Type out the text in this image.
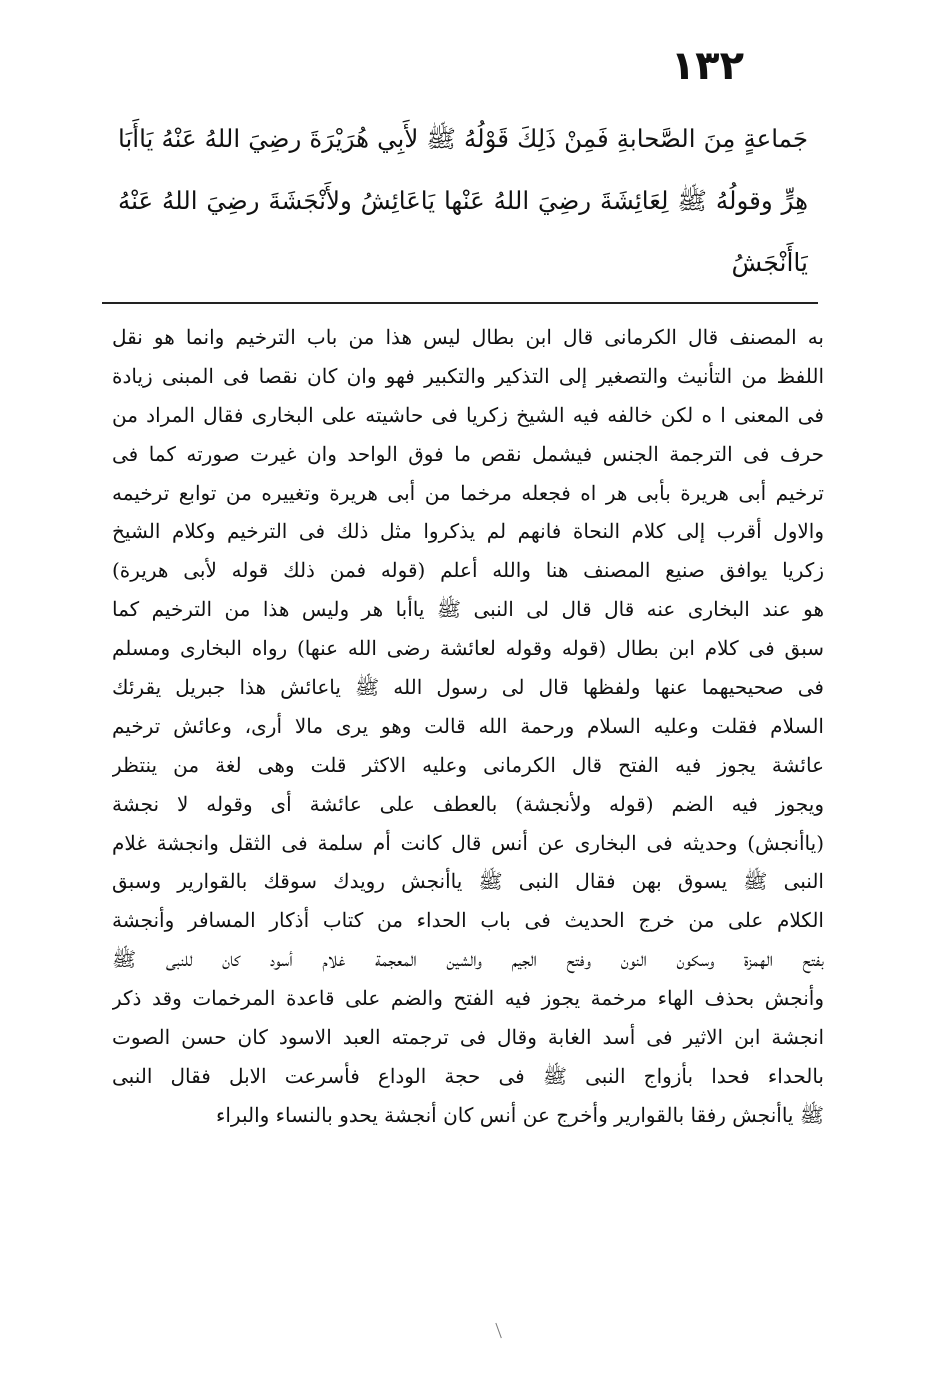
١٣٢
جَماعةٍ مِنَ الصَّحابةِ فَمِنْ ذَلِكَ قَوْلُهُ ﷺ لأَبِي هُرَيْرَةَ رضِيَ اللهُ عَنْهُ يَاأَبَا
هِرٍّ وقولُهُ ﷺ لِعَائِشَةَ رضِيَ اللهُ عَنْها يَاعَائِشُ ولأَنْجَشَةَ رضِيَ اللهُ عَنْهُ
يَاأَنْجَشُ
به المصنف قال الكرمانى قال ابن بطال ليس هذا من باب الترخيم وانما هو نقل
اللفظ من التأنيث والتصغير إلى التذكير والتكبير فهو وان كان نقصا فى المبنى زيادة
فى المعنى ا ه لكن خالفه فيه الشيخ زكريا فى حاشيته على البخارى فقال المراد من
حرف فى الترجمة الجنس فيشمل نقص ما فوق الواحد وان غيرت صورته كما فى
ترخيم أبى هريرة بأبى هر اه فجعله مرخما من أبى هريرة وتغييره من توابع ترخيمه
والاول أقرب إلى كلام النحاة فانهم لم يذكروا مثل ذلك فى الترخيم وكلام الشيخ
زكريا يوافق صنيع المصنف هنا والله أعلم (قوله فمن ذلك قوله لأبى هريرة)
هو عند البخارى عنه قال قال لى النبى ﷺ ياأبا هر وليس هذا من الترخيم كما
سبق فى كلام ابن بطال (قوله وقوله لعائشة رضى الله عنها) رواه البخارى ومسلم
فى صحيحيهما عنها ولفظها قال لى رسول الله ﷺ ياعائش هذا جبريل يقرئك
السلام فقلت وعليه السلام ورحمة الله قالت وهو يرى مالا أرى، وعائش ترخيم
عائشة يجوز فيه الفتح قال الكرمانى وعليه الاكثر قلت وهى لغة من ينتظر
ويجوز فيه الضم (قوله ولأنجشة) بالعطف على عائشة أى وقوله لا نجشة
(ياأنجش) وحديثه فى البخارى عن أنس قال كانت أم سلمة فى الثقل وانجشة غلام
النبى ﷺ يسوق بهن فقال النبى ﷺ ياأنجش رويدك سوقك بالقوارير وسبق
الكلام على من خرج الحديث فى باب الحداء من كتاب أذكار المسافر وأنجشة
بفتح الهمزة وسكون النون وفتح الجيم والشين المعجمة غلام أسود كان للنبى ﷺ
وأنجش بحذف الهاء مرخمة يجوز فيه الفتح والضم على قاعدة المرخمات وقد ذكر
انجشة ابن الاثير فى أسد الغابة وقال فى ترجمته العبد الاسود كان حسن الصوت
بالحداء فحدا بأزواج النبى ﷺ فى حجة الوداع فأسرعت الابل فقال النبى
ﷺ ياأنجش رفقا بالقوارير وأخرج عن أنس كان أنجشة يحدو بالنساء والبراء
